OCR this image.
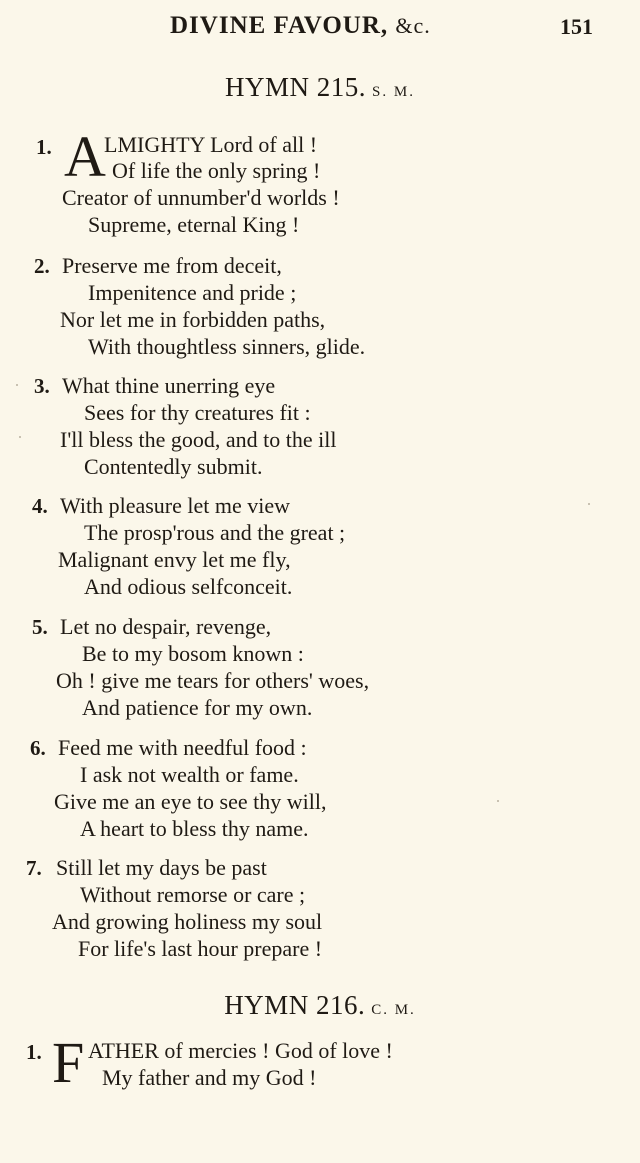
DIVINE FAVOUR, &c.	151
HYMN 215. S. M.
1. A
LMIGHTY Lord of all !
Of life the only spring !
Creator of unnumber'd worlds !
Supreme, eternal King !
2. Preserve me from deceit,
Impenitence and pride ;
Nor let me in forbidden paths,
With thoughtless sinners, glide.
3. What thine unerring eye
Sees for thy creatures fit :
I'll bless the good, and to the ill
Contentedly submit.
4. With pleasure let me view
The prosp'rous and the great ;
Malignant envy let me fly,
And odious selfconceit.
5. Let no despair, revenge,
Be to my bosom known :
Oh ! give me tears for others' woes,
And patience for my own.
6. Feed me with needful food :
I ask not wealth or fame.
Give me an eye to see thy will,
A heart to bless thy name.
7. Still let my days be past
Without remorse or care ;
And growing holiness my soul
For life's last hour prepare !
HYMN 216. C. M.
1. F ATHER of mercies ! God of love !
My father and my God !
